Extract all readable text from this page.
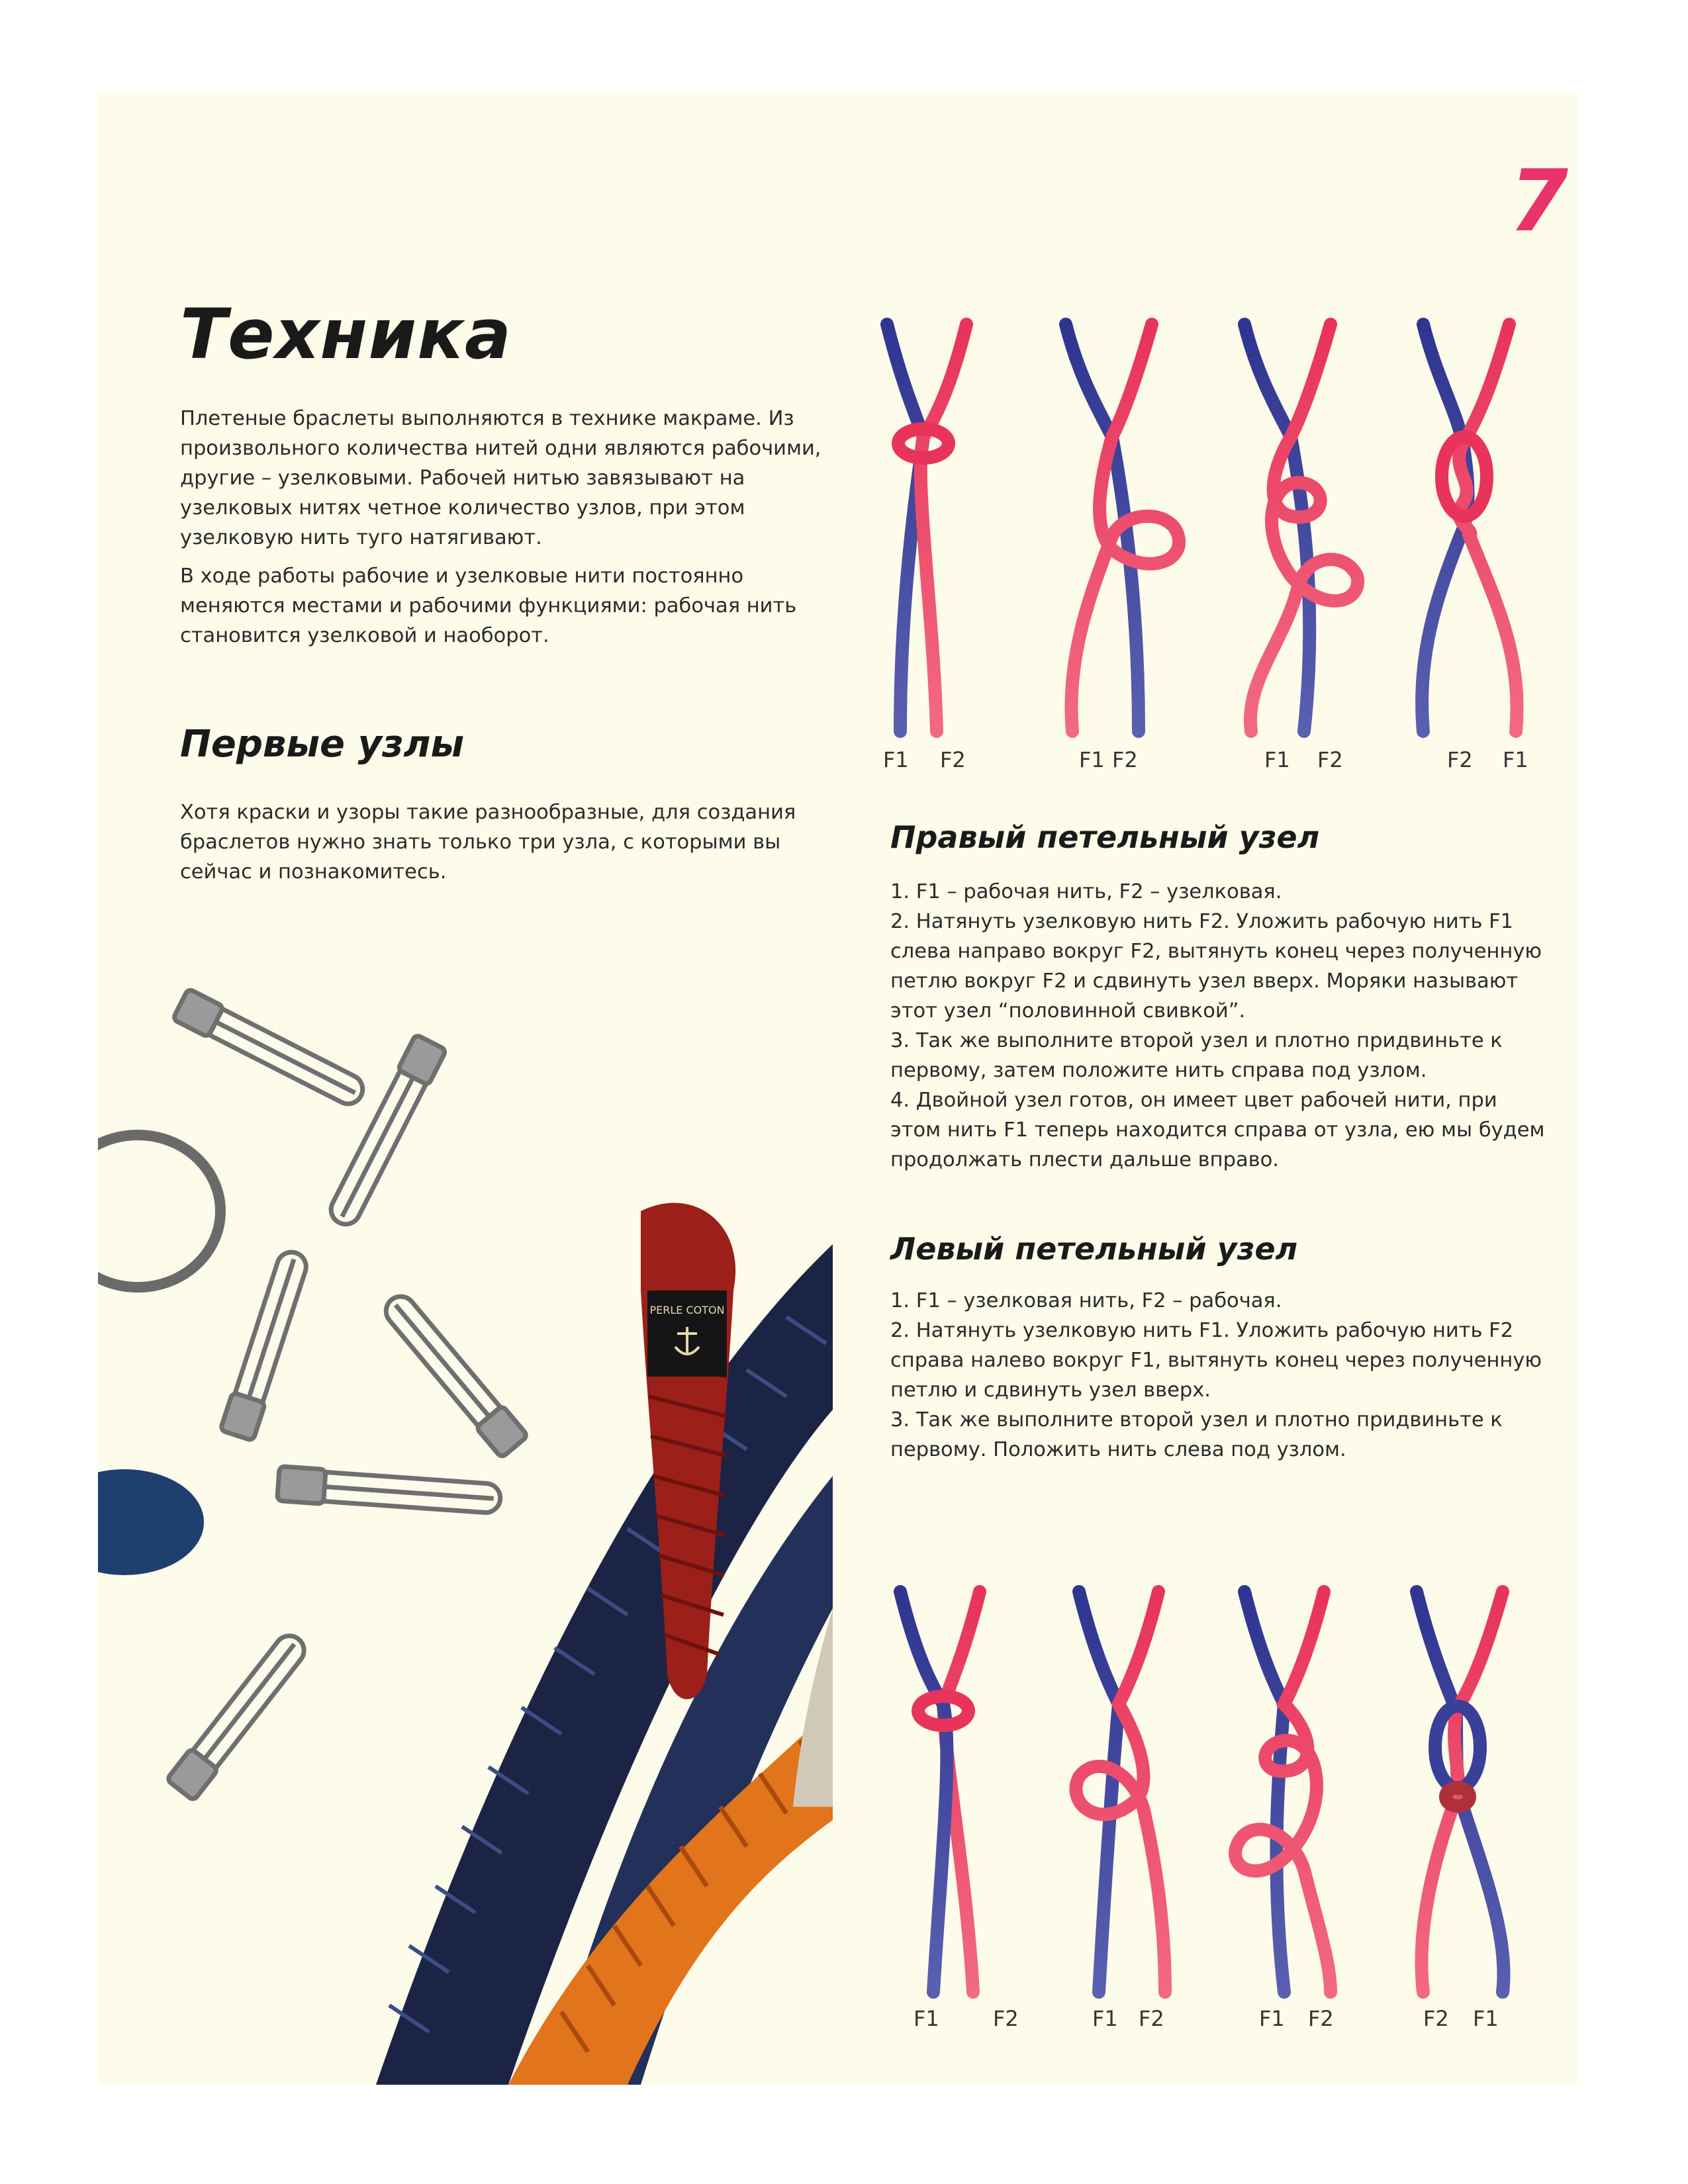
7
Техника

Плетеные браслеты выполняются в технике макраме. Из произвольного количества нитей одни являются рабочими, другие – узелковыми. Рабочей нитью завязывают на узелковых нитях четное количество узлов, при этом узелковую нить туго натягивают.

В ходе работы рабочие и узелковые нити постоянно меняются местами и рабочими функциями: рабочая нить становится узелковой и наоборот.

Первые узлы

Хотя краски и узоры такие разнообразные, для создания браслетов нужно знать только три узла, с которыми вы сейчас и познакомитесь.

F1 F2	F1 F2	F1 F2	F2 F1
Правый петельный узел
1. F1 – рабочая нить, F2 – узелковая.
2. Натянуть узелковую нить F2. Уложить рабочую нить F1 слева направо вокруг F2, вытянуть конец через полученную петлю вокруг F2 и сдвинуть узел вверх. Моряки называют этот узел “половинной свивкой”.
3. Так же выполните второй узел и плотно придвиньте к первому, затем положите нить справа под узлом.
4. Двойной узел готов, он имеет цвет рабочей нити, при этом нить F1 теперь находится справа от узла, ею мы будем продолжать плести дальше вправо.
Левый петельный узел
1. F1 – узелковая нить, F2 – рабочая.
2. Натянуть узелковую нить F1. Уложить рабочую нить F2 справа налево вокруг F1, вытянуть конец через полученную петлю и сдвинуть узел вверх.
3. Так же выполните второй узел и плотно придвиньте к первому. Положить нить слева под узлом.
F1	F2	F1 F2	F1 F2	F2 F1
PERLE COTON
